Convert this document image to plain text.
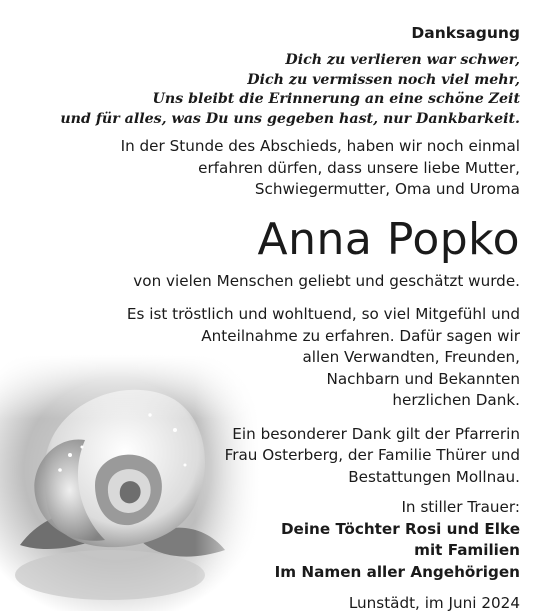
Danksagung
Dich zu verlieren war schwer,
Dich zu vermissen noch viel mehr,
Uns bleibt die Erinnerung an eine schöne Zeit
und für alles, was Du uns gegeben hast, nur Dankbarkeit.
In der Stunde des Abschieds, haben wir noch einmal
erfahren dürfen, dass unsere liebe Mutter,
Schwiegermutter, Oma und Uroma
Anna Popko
von vielen Menschen geliebt und geschätzt wurde.
Es ist tröstlich und wohltuend, so viel Mitgefühl und
Anteilnahme zu erfahren. Dafür sagen wir
allen Verwandten, Freunden,
Nachbarn und Bekannten
herzlichen Dank.
Ein besonderer Dank gilt der Pfarrerin
Frau Osterberg, der Familie Thürer und
Bestattungen Mollnau.
In stiller Trauer:
Deine Töchter Rosi und Elke
mit Familien
Im Namen aller Angehörigen
Lunstädt, im Juni 2024
